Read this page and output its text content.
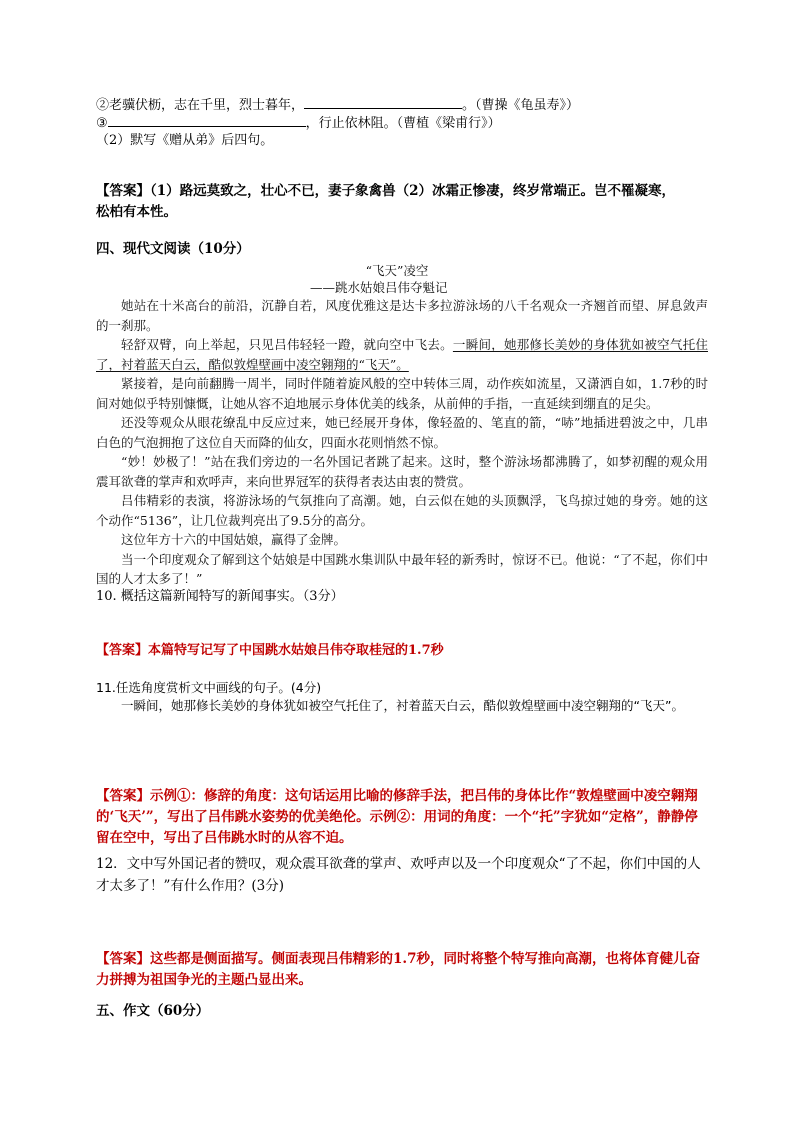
②老骥伏枥，志在千里，烈士暮年，	。（曹操《龟虽寿》）
③	，行止依林阻。（曹植《梁甫行》）
（2）默写《赠从弟》后四句。
【答案】（1）路远莫致之，壮心不已，妻子象禽兽（2）冰霜正惨凄，终岁常端正。岂不罹凝寒，
松柏有本性。
四、现代文阅读（10分）
“飞天”凌空
——跳水姑娘吕伟夺魁记

她站在十米高台的前沿，沉静自若，风度优雅这是达卡多拉游泳场的八千名观众一齐翘首而望、屏息敛声的一刹那。

轻舒双臂，向上举起，只见吕伟轻轻一蹬，就向空中飞去。一瞬间，她那修长美妙的身体犹如被空气托住了，衬着蓝天白云，酷似敦煌壁画中凌空翱翔的“飞天”。

紧接着，是向前翻腾一周半，同时伴随着旋风般的空中转体三周，动作疾如流星，又潇洒自如，1.7秒的时间对她似乎特别慷慨，让她从容不迫地展示身体优美的线条，从前伸的手指，一直延续到绷直的足尖。

还没等观众从眼花缭乱中反应过来，她已经展开身体，像轻盈的、笔直的箭，“哧”地插进碧波之中，几串白色的气泡拥抱了这位自天而降的仙女，四面水花则悄然不惊。

“妙！妙极了！”站在我们旁边的一名外国记者跳了起来。这时，整个游泳场都沸腾了，如梦初醒的观众用震耳欲聋的掌声和欢呼声，来向世界冠军的获得者表达由衷的赞赏。

吕伟精彩的表演，将游泳场的气氛推向了高潮。她，白云似在她的头顶飘浮，飞鸟掠过她的身旁。她的这个动作“5136”，让几位裁判亮出了9.5分的高分。

这位年方十六的中国姑娘，赢得了金牌。

当一个印度观众了解到这个姑娘是中国跳水集训队中最年轻的新秀时，惊讶不已。他说：“了不起，你们中国的人才太多了！”

10. 概括这篇新闻特写的新闻事实。（3分）
【答案】本篇特写记写了中国跳水姑娘吕伟夺取桂冠的1.7秒
11.任选角度赏析文中画线的句子。(4分)
一瞬间，她那修长美妙的身体犹如被空气托住了，衬着蓝天白云，酷似敦煌壁画中凌空翱翔的“飞天”。
【答案】示例①：修辞的角度：这句话运用比喻的修辞手法，把吕伟的身体比作“敦煌壁画中凌空翱翔的‘飞天’”，写出了吕伟跳水姿势的优美绝伦。示例②：用词的角度：一个“托”字犹如“定格”，静静停留在空中，写出了吕伟跳水时的从容不迫。
12．文中写外国记者的赞叹，观众震耳欲聋的掌声、欢呼声以及一个印度观众“了不起，你们中国的人才太多了！”有什么作用？(3分)
【答案】这些都是侧面描写。侧面表现吕伟精彩的1.7秒，同时将整个特写推向高潮，也将体育健儿奋力拼搏为祖国争光的主题凸显出来。
五、作文（60分）
